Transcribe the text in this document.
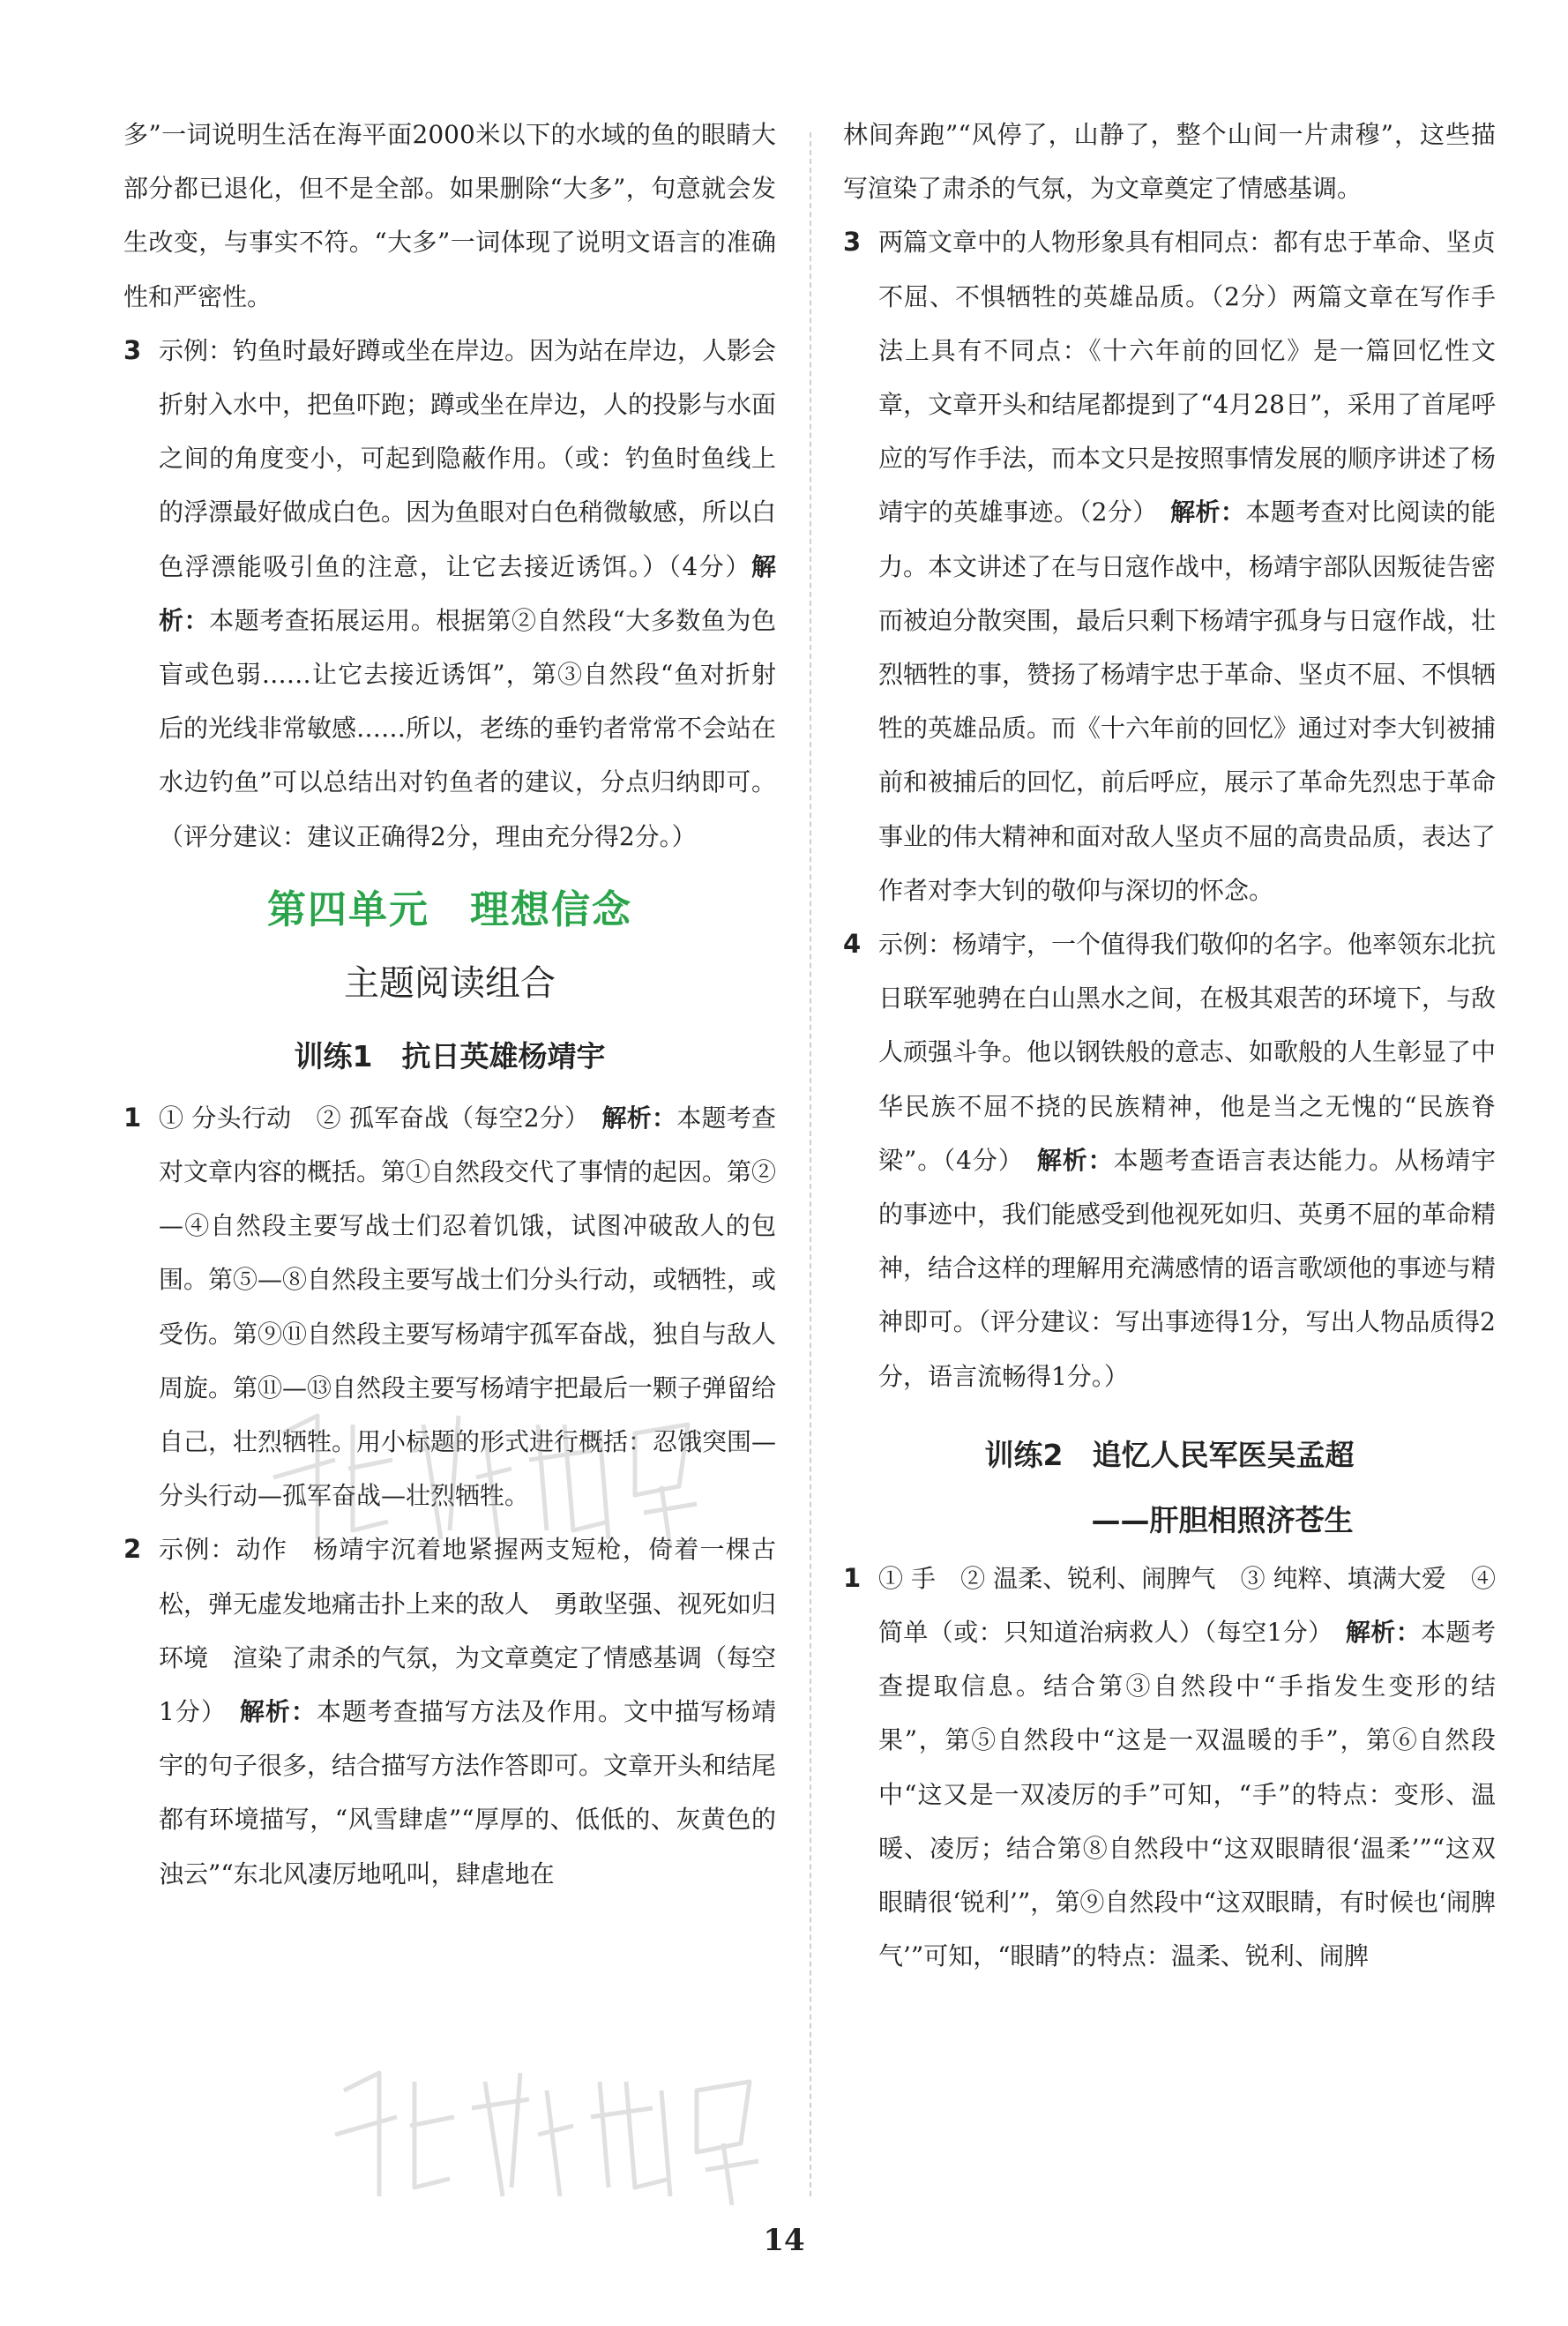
多”一词说明生活在海平面2000米以下的水域的鱼的眼睛大部分都已退化，但不是全部。如果删除“大多”，句意就会发生改变，与事实不符。“大多”一词体现了说明文语言的准确性和严密性。

3 示例：钓鱼时最好蹲或坐在岸边。因为站在岸边，人影会折射入水中，把鱼吓跑；蹲或坐在岸边，人的投影与水面之间的角度变小，可起到隐蔽作用。（或：钓鱼时鱼线上的浮漂最好做成白色。因为鱼眼对白色稍微敏感，所以白色浮漂能吸引鱼的注意，让它去接近诱饵。）（4分）解析：本题考查拓展运用。根据第②自然段“大多数鱼为色盲或色弱……让它去接近诱饵”，第③自然段“鱼对折射后的光线非常敏感……所以，老练的垂钓者常常不会站在水边钓鱼”可以总结出对钓鱼者的建议，分点归纳即可。（评分建议：建议正确得2分，理由充分得2分。）

第四单元　理想信念
主题阅读组合
训练1　抗日英雄杨靖宇
1 ① 分头行动　② 孤军奋战（每空2分）　 解析：本题考查对文章内容的概括。第①自然段交代了事情的起因。第②—④自然段主要写战士们忍着饥饿，试图冲破敌人的包围。第⑤—⑧自然段主要写战士们分头行动，或牺牲，或受伤。第⑨⑪自然段主要写杨靖宇孤军奋战，独自与敌人周旋。第⑪—⑬自然段主要写杨靖宇把最后一颗子弹留给自己，壮烈牺牲。用小标题的形式进行概括：忍饿突围—分头行动—孤军奋战—壮烈牺牲。

2 示例：动作　杨靖宇沉着地紧握两支短枪，倚着一棵古松，弹无虚发地痛击扑上来的敌人　勇敢坚强、视死如归　环境　渲染了肃杀的气氛，为文章奠定了情感基调（每空1分）　 解析：本题考查描写方法及作用。文中描写杨靖宇的句子很多，结合描写方法作答即可。文章开头和结尾都有环境描写，“风雪肆虐”“厚厚的、低低的、灰黄色的浊云”“东北风凄厉地吼叫，肆虐地在

林间奔跑”“风停了，山静了，整个山间一片肃穆”，这些描写渲染了肃杀的气氛，为文章奠定了情感基调。

3 两篇文章中的人物形象具有相同点：都有忠于革命、坚贞不屈、不惧牺牲的英雄品质。（2分）两篇文章在写作手法上具有不同点：《十六年前的回忆》是一篇回忆性文章，文章开头和结尾都提到了“4月28日”，采用了首尾呼应的写作手法，而本文只是按照事情发展的顺序讲述了杨靖宇的英雄事迹。（2分）　 解析：本题考查对比阅读的能力。本文讲述了在与日寇作战中，杨靖宇部队因叛徒告密而被迫分散突围，最后只剩下杨靖宇孤身与日寇作战，壮烈牺牲的事，赞扬了杨靖宇忠于革命、坚贞不屈、不惧牺牲的英雄品质。而《十六年前的回忆》通过对李大钊被捕前和被捕后的回忆，前后呼应，展示了革命先烈忠于革命事业的伟大精神和面对敌人坚贞不屈的高贵品质，表达了作者对李大钊的敬仰与深切的怀念。

4 示例：杨靖宇，一个值得我们敬仰的名字。他率领东北抗日联军驰骋在白山黑水之间，在极其艰苦的环境下，与敌人顽强斗争。他以钢铁般的意志、如歌般的人生彰显了中华民族不屈不挠的民族精神，他是当之无愧的“民族脊梁”。（4分）　 解析：本题考查语言表达能力。从杨靖宇的事迹中，我们能感受到他视死如归、英勇不屈的革命精神，结合这样的理解用充满感情的语言歌颂他的事迹与精神即可。（评分建议：写出事迹得1分，写出人物品质得2分，语言流畅得1分。）

训练2　追忆人民军医吴孟超
——肝胆相照济苍生
1 ① 手　② 温柔、锐利、闹脾气　③ 纯粹、填满大爱　④ 简单（或：只知道治病救人）（每空1分）　 解析：本题考查提取信息。结合第③自然段中“手指发生变形的结果”，第⑤自然段中“这是一双温暖的手”，第⑥自然段中“这又是一双凌厉的手”可知，“手”的特点：变形、温暖、凌厉；结合第⑧自然段中“这双眼睛很‘温柔’”“这双眼睛很‘锐利’”，第⑨自然段中“这双眼睛，有时候也‘闹脾气’”可知，“眼睛”的特点：温柔、锐利、闹脾

14
